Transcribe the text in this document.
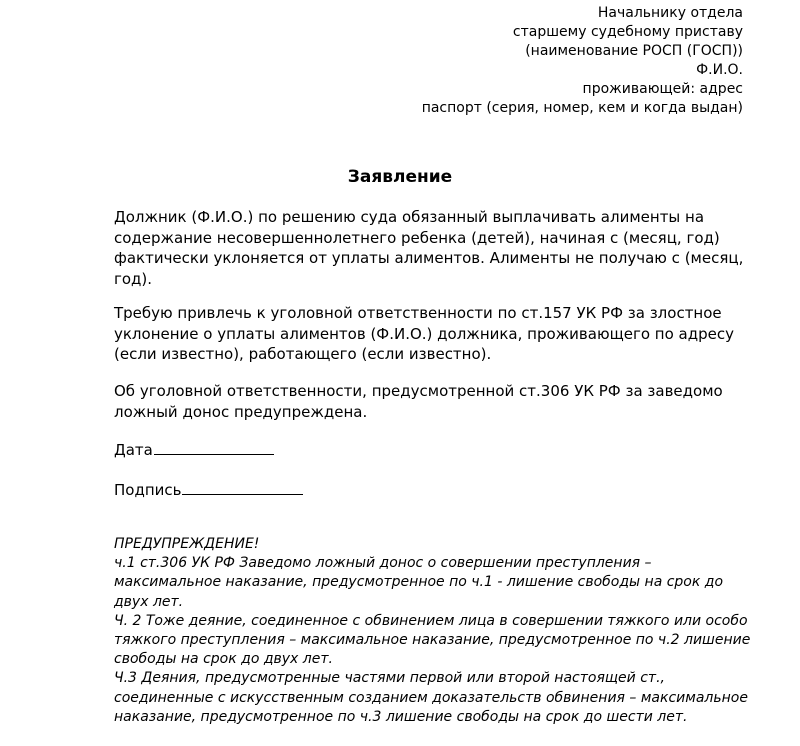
Начальнику отдела
старшему судебному приставу
(наименование РОСП (ГОСП))
Ф.И.О.
проживающей: адрес
паспорт (серия, номер, кем и когда выдан)
Заявление
Должник (Ф.И.О.) по решению суда обязанный выплачивать алименты на содержание несовершеннолетнего ребенка (детей), начиная с (месяц, год) фактически уклоняется от уплаты алиментов. Алименты не получаю с (месяц, год).
Требую привлечь к уголовной ответственности по ст.157 УК РФ за злостное уклонение о уплаты алиментов (Ф.И.О.) должника, проживающего по адресу (если известно), работающего (если известно).
Об уголовной ответственности, предусмотренной ст.306 УК РФ за заведомо ложный донос предупреждена.
Дата
Подпись
ПРЕДУПРЕЖДЕНИЕ!
ч.1 ст.306 УК РФ Заведомо ложный донос о совершении преступления – максимальное наказание, предусмотренное по ч.1 - лишение свободы на срок до двух лет.
Ч. 2 Тоже деяние, соединенное с обвинением лица в совершении тяжкого или особо тяжкого преступления – максимальное наказание, предусмотренное по ч.2 лишение свободы на срок до двух лет.
Ч.3 Деяния, предусмотренные частями первой или второй настоящей ст., соединенные с искусственным созданием доказательств обвинения – максимальное наказание, предусмотренное по ч.3 лишение свободы на срок до шести лет.
